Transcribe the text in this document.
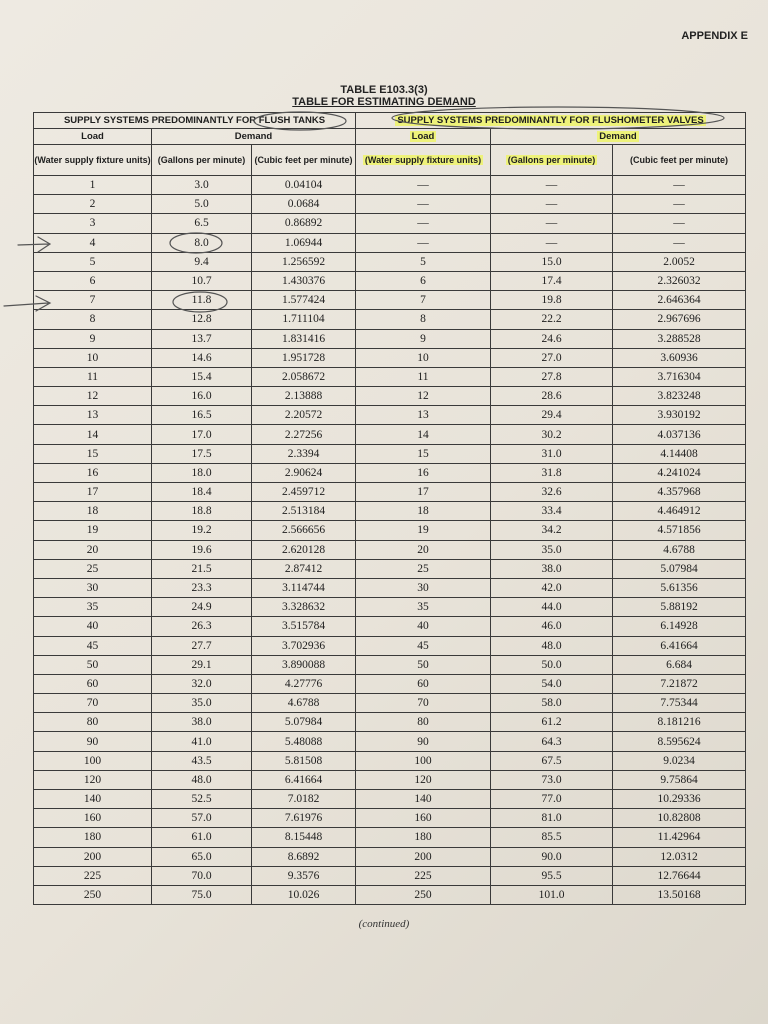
APPENDIX E
TABLE E103.3(3)
TABLE FOR ESTIMATING DEMAND
SUPPLY SYSTEMS PREDOMINANTLY FOR FLUSH TANKS			SUPPLY SYSTEMS PREDOMINANTLY FOR FLUSHOMETER VALVES		
Load	Demand		Load	Demand	
(Water supply fixture units)	(Gallons per minute)	(Cubic feet per minute)	(Water supply fixture units)	(Gallons per minute)	(Cubic feet per minute)
1	3.0	0.04104	—	—	—
2	5.0	0.0684	—	—	—
3	6.5	0.86892	—	—	—
4	8.0	1.06944	—	—	—
5	9.4	1.256592	5	15.0	2.0052
6	10.7	1.430376	6	17.4	2.326032
7	11.8	1.577424	7	19.8	2.646364
8	12.8	1.711104	8	22.2	2.967696
9	13.7	1.831416	9	24.6	3.288528
10	14.6	1.951728	10	27.0	3.60936
11	15.4	2.058672	11	27.8	3.716304
12	16.0	2.13888	12	28.6	3.823248
13	16.5	2.20572	13	29.4	3.930192
14	17.0	2.27256	14	30.2	4.037136
15	17.5	2.3394	15	31.0	4.14408
16	18.0	2.90624	16	31.8	4.241024
17	18.4	2.459712	17	32.6	4.357968
18	18.8	2.513184	18	33.4	4.464912
19	19.2	2.566656	19	34.2	4.571856
20	19.6	2.620128	20	35.0	4.6788
25	21.5	2.87412	25	38.0	5.07984
30	23.3	3.114744	30	42.0	5.61356
35	24.9	3.328632	35	44.0	5.88192
40	26.3	3.515784	40	46.0	6.14928
45	27.7	3.702936	45	48.0	6.41664
50	29.1	3.890088	50	50.0	6.684
60	32.0	4.27776	60	54.0	7.21872
70	35.0	4.6788	70	58.0	7.75344
80	38.0	5.07984	80	61.2	8.181216
90	41.0	5.48088	90	64.3	8.595624
100	43.5	5.81508	100	67.5	9.0234
120	48.0	6.41664	120	73.0	9.75864
140	52.5	7.0182	140	77.0	10.29336
160	57.0	7.61976	160	81.0	10.82808
180	61.0	8.15448	180	85.5	11.42964
200	65.0	8.6892	200	90.0	12.0312
225	70.0	9.3576	225	95.5	12.76644
250	75.0	10.026	250	101.0	13.50168
(continued)
